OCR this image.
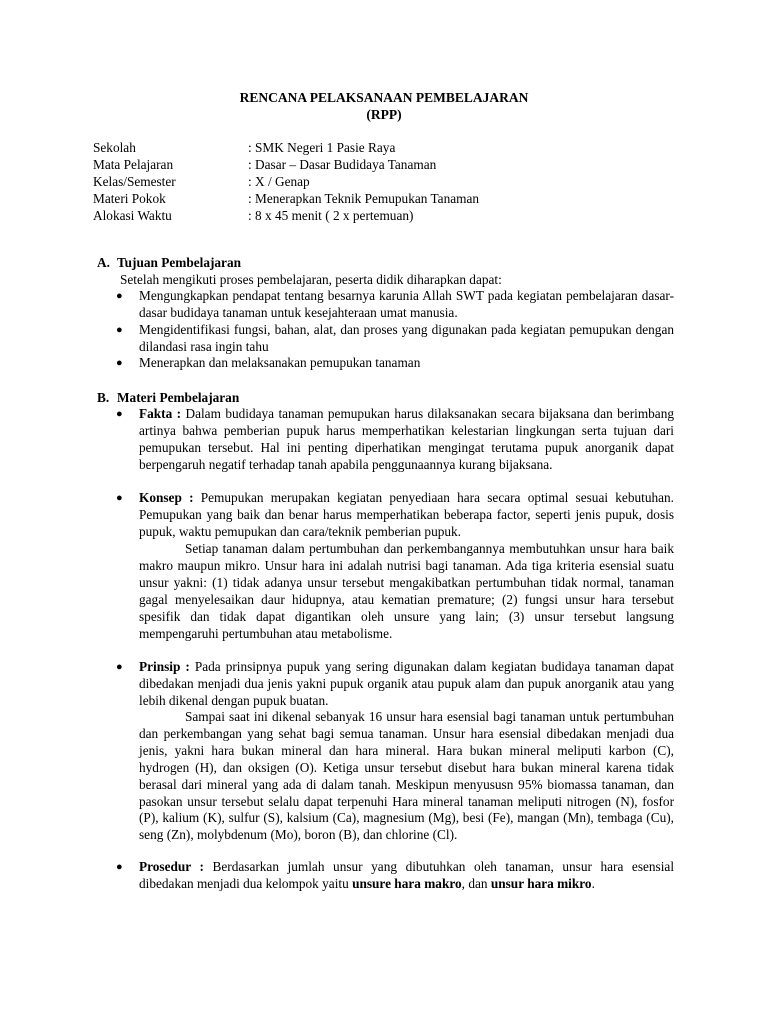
RENCANA PELAKSANAAN PEMBELAJARAN
(RPP)
Sekolah	: SMK Negeri 1 Pasie Raya
Mata Pelajaran	: Dasar – Dasar Budidaya Tanaman
Kelas/Semester	: X / Genap
Materi Pokok	: Menerapkan Teknik Pemupukan Tanaman
Alokasi Waktu	: 8 x 45 menit ( 2 x pertemuan)
A. Tujuan Pembelajaran
Setelah mengikuti proses pembelajaran, peserta didik diharapkan dapat:
● Mengungkapkan pendapat tentang besarnya karunia Allah SWT pada kegiatan pembelajaran dasar-dasar budidaya tanaman untuk kesejahteraan umat manusia.
● Mengidentifikasi fungsi, bahan, alat, dan proses yang digunakan pada kegiatan pemupukan dengan dilandasi rasa ingin tahu
● Menerapkan dan melaksanakan pemupukan tanaman
B. Materi Pembelajaran
● Fakta : Dalam budidaya tanaman pemupukan harus dilaksanakan secara bijaksana dan berimbang artinya bahwa pemberian pupuk harus memperhatikan kelestarian lingkungan serta tujuan dari pemupukan tersebut. Hal ini penting diperhatikan mengingat terutama pupuk anorganik dapat berpengaruh negatif terhadap tanah apabila penggunaannya kurang bijaksana.
● Konsep : Pemupukan merupakan kegiatan penyediaan hara secara optimal sesuai kebutuhan. Pemupukan yang baik dan benar harus memperhatikan beberapa factor, seperti jenis pupuk, dosis pupuk, waktu pemupukan dan cara/teknik pemberian pupuk.
Setiap tanaman dalam pertumbuhan dan perkembangannya membutuhkan unsur hara baik makro maupun mikro. Unsur hara ini adalah nutrisi bagi tanaman. Ada tiga kriteria esensial suatu unsur yakni: (1) tidak adanya unsur tersebut mengakibatkan pertumbuhan tidak normal, tanaman gagal menyelesaikan daur hidupnya, atau kematian premature; (2) fungsi unsur hara tersebut spesifik dan tidak dapat digantikan oleh unsure yang lain; (3) unsur tersebut langsung mempengaruhi pertumbuhan atau metabolisme.
● Prinsip : Pada prinsipnya pupuk yang sering digunakan dalam kegiatan budidaya tanaman dapat dibedakan menjadi dua jenis yakni pupuk organik atau pupuk alam dan pupuk anorganik atau yang lebih dikenal dengan pupuk buatan.
Sampai saat ini dikenal sebanyak 16 unsur hara esensial bagi tanaman untuk pertumbuhan dan perkembangan yang sehat bagi semua tanaman. Unsur hara esensial dibedakan menjadi dua jenis, yakni hara bukan mineral dan hara mineral. Hara bukan mineral meliputi karbon (C), hydrogen (H), dan oksigen (O). Ketiga unsur tersebut disebut hara bukan mineral karena tidak berasal dari mineral yang ada di dalam tanah. Meskipun menyususn 95% biomassa tanaman, dan pasokan unsur tersebut selalu dapat terpenuhi Hara mineral tanaman meliputi nitrogen (N), fosfor (P), kalium (K), sulfur (S), kalsium (Ca), magnesium (Mg), besi (Fe), mangan (Mn), tembaga (Cu), seng (Zn), molybdenum (Mo), boron (B), dan chlorine (Cl).
● Prosedur : Berdasarkan jumlah unsur yang dibutuhkan oleh tanaman, unsur hara esensial dibedakan menjadi dua kelompok yaitu unsure hara makro, dan unsur hara mikro.
